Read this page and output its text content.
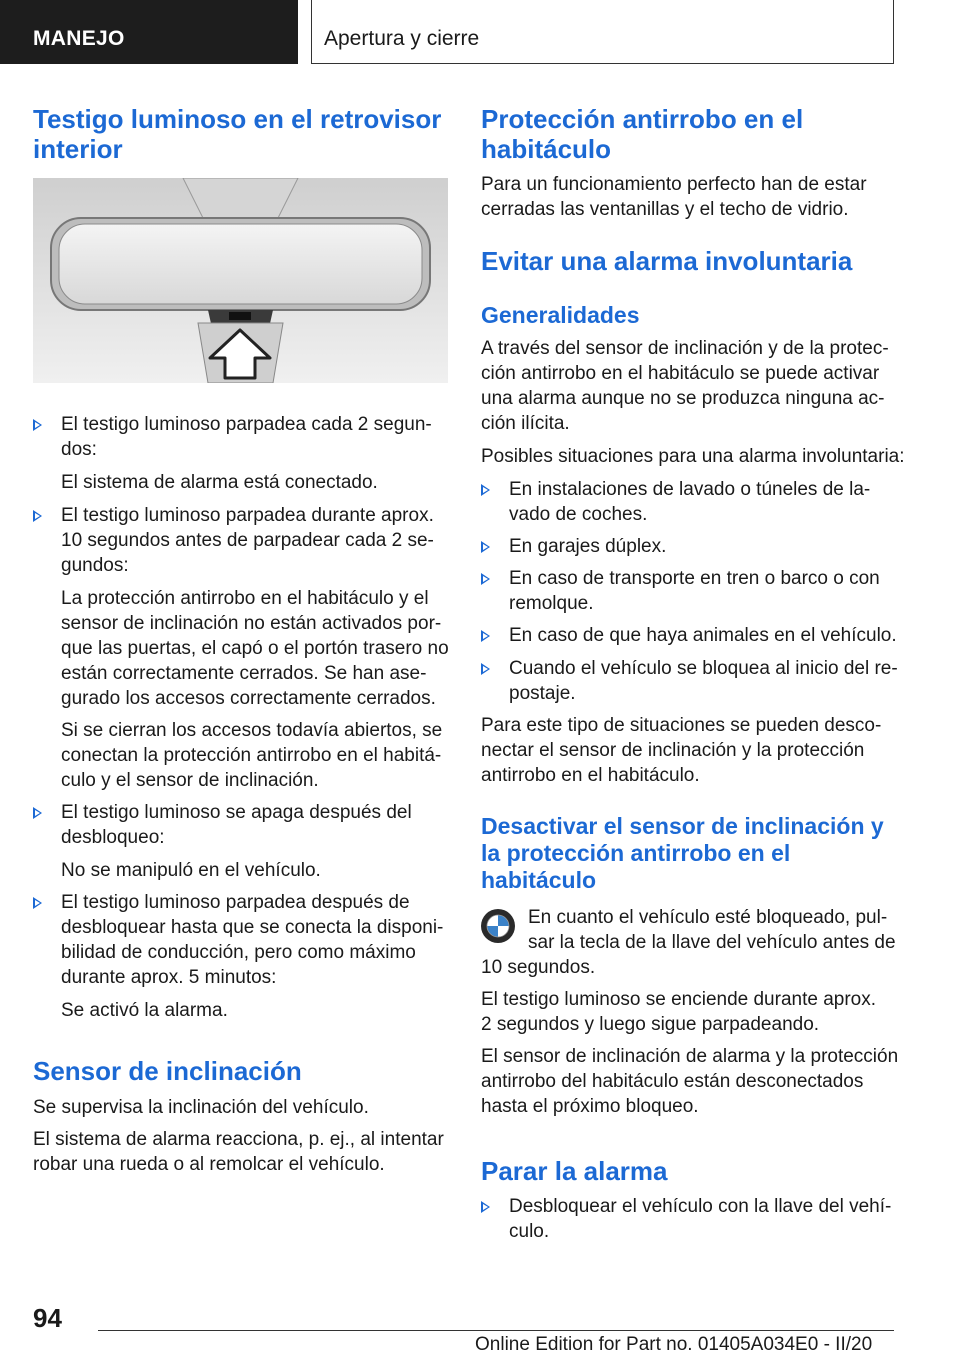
MANEJO	Apertura y cierre
Testigo luminoso en el retrovisor
interior
El testigo luminoso parpadea cada 2 segun-
dos:
El sistema de alarma está conectado.
El testigo luminoso parpadea durante aprox.
10 segundos antes de parpadear cada 2 se-
gundos:
La protección antirrobo en el habitáculo y el
sensor de inclinación no están activados por-
que las puertas, el capó o el portón trasero no
están correctamente cerrados. Se han ase-
gurado los accesos correctamente cerrados.
Si se cierran los accesos todavía abiertos, se
conectan la protección antirrobo en el habitá-
culo y el sensor de inclinación.
El testigo luminoso se apaga después del
desbloqueo:
No se manipuló en el vehículo.
El testigo luminoso parpadea después de
desbloquear hasta que se conecta la disponi-
bilidad de conducción, pero como máximo
durante aprox. 5 minutos:
Se activó la alarma.
Sensor de inclinación
Se supervisa la inclinación del vehículo.
El sistema de alarma reacciona, p. ej., al intentar
robar una rueda o al remolcar el vehículo.
Protección antirrobo en el
habitáculo
Para un funcionamiento perfecto han de estar
cerradas las ventanillas y el techo de vidrio.
Evitar una alarma involuntaria
Generalidades
A través del sensor de inclinación y de la protec-
ción antirrobo en el habitáculo se puede activar
una alarma aunque no se produzca ninguna ac-
ción ilícita.
Posibles situaciones para una alarma involuntaria:
En instalaciones de lavado o túneles de la-
vado de coches.
En garajes dúplex.
En caso de transporte en tren o barco o con
remolque.
En caso de que haya animales en el vehículo.
Cuando el vehículo se bloquea al inicio del re-
postaje.
Para este tipo de situaciones se pueden desco-
nectar el sensor de inclinación y la protección
antirrobo en el habitáculo.
Desactivar el sensor de inclinación y
la protección antirrobo en el
habitáculo
En cuanto el vehículo esté bloqueado, pul-
sar la tecla de la llave del vehículo antes de
10 segundos.
El testigo luminoso se enciende durante aprox.
2 segundos y luego sigue parpadeando.
El sensor de inclinación de alarma y la protección
antirrobo del habitáculo están desconectados
hasta el próximo bloqueo.
Parar la alarma
Desbloquear el vehículo con la llave del vehí-
culo.
94
Online Edition for Part no. 01405A034E0 - II/20
